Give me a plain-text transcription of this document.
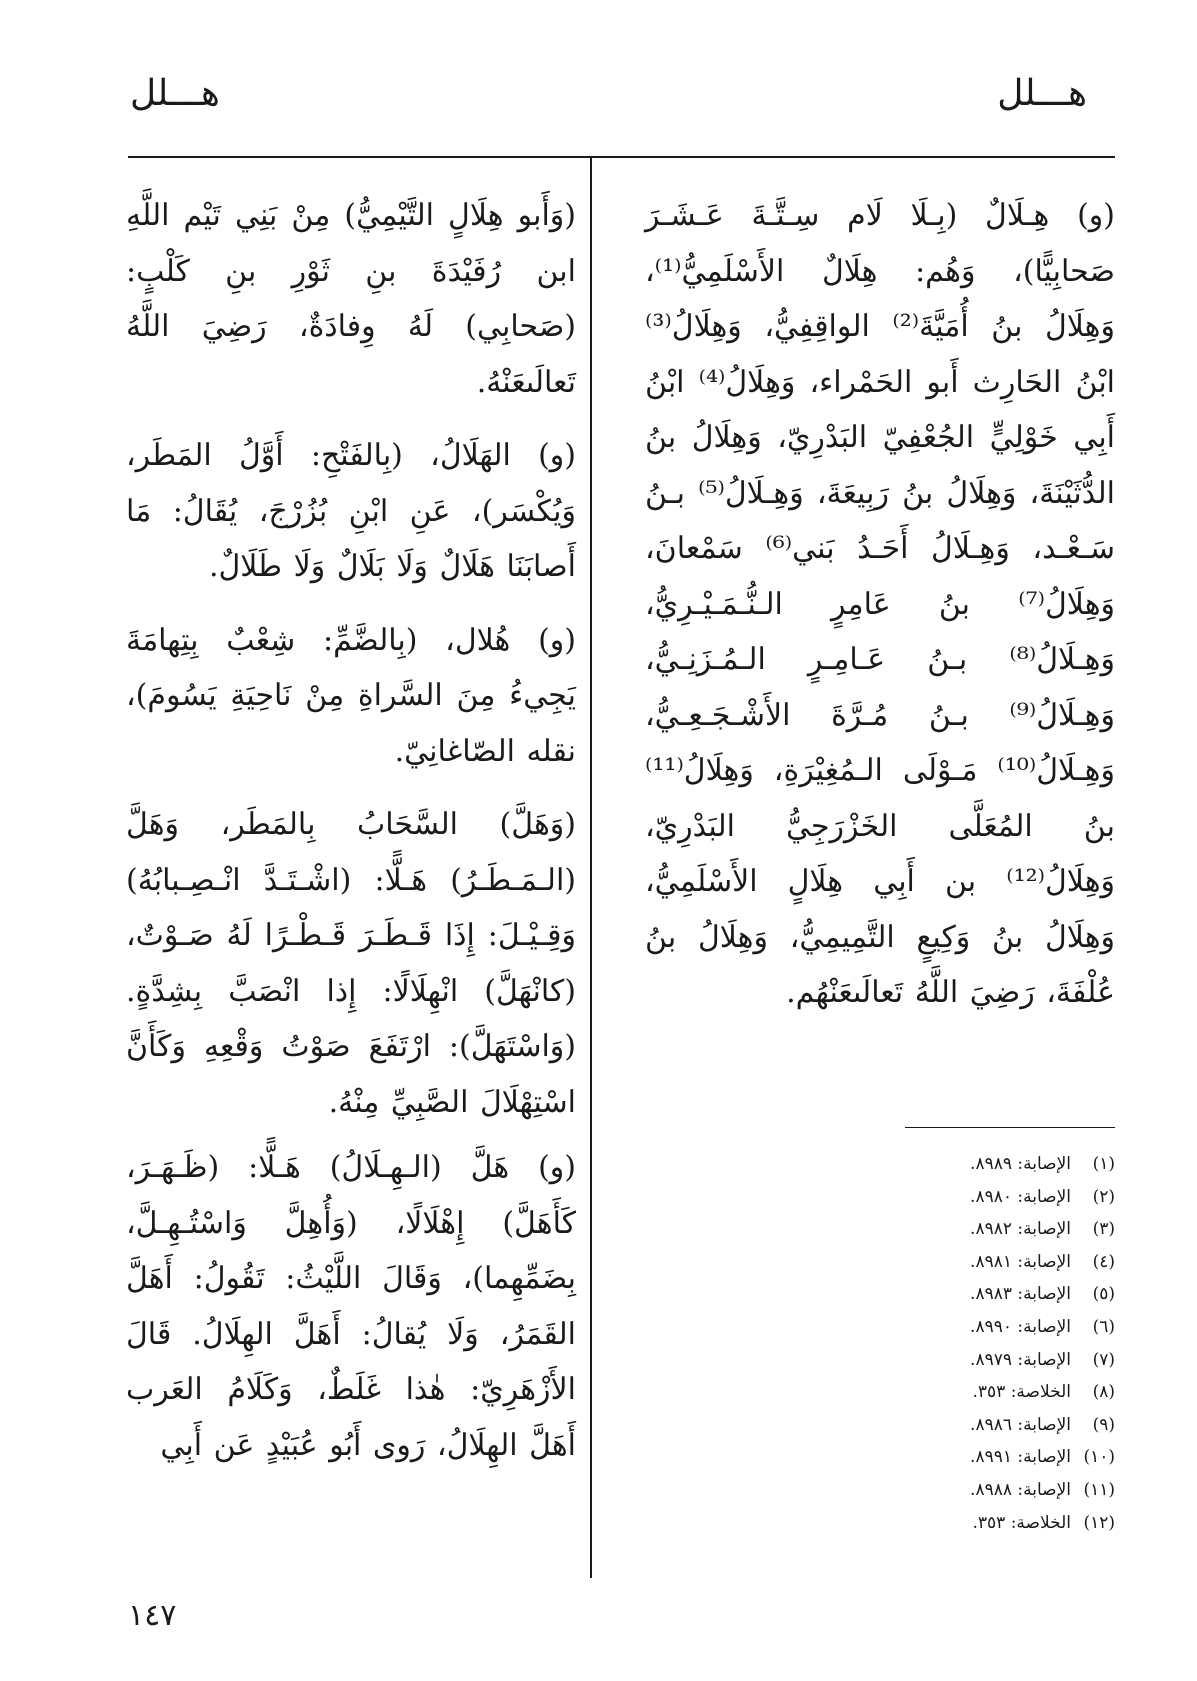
هـــلل
هـــلل

(و) هِـلَالٌ (بِـلَا لَام سِـتَّـةَ عَـشَـرَ صَحابِيًّا)، وَهُم: هِلَالٌ الأَسْلَمِيُّ⁽¹⁾، وَهِلَالُ بنُ أُمَيَّةَ⁽²⁾ الواقِفِيُّ، وَهِلَالُ⁽³⁾ ابْنُ الحَارِث أَبو الحَمْراء، وَهِلَالُ⁽⁴⁾ ابْنُ أَبِي خَوْلِيٍّ الجُعْفِيّ البَدْرِيّ، وَهِلَالُ بنُ الدُّثَيْنَةَ، وَهِلَالُ بنُ رَبِيعَةَ، وَهِـلَالُ⁽⁵⁾ بـنُ سَـعْـد، وَهِـلَالُ أَحَـدُ بَني⁽⁶⁾ سَمْعانَ، وَهِلَالُ⁽⁷⁾ بنُ عَامِرٍ الـنُّـمَـيْـرِيُّ، وَهِـلَالُ⁽⁸⁾ بـنُ عَـامِـرٍ الـمُـزَنِـيُّ، وَهِـلَالُ⁽⁹⁾ بـنُ مُـرَّةَ الأَشْـجَـعِـيُّ، وَهِـلَالُ⁽¹⁰⁾ مَـوْلَى الـمُغِيْرَةِ، وَهِلَالُ⁽¹¹⁾ بنُ المُعَلَّى الخَزْرَجِيُّ البَدْرِيّ، وَهِلَالُ⁽¹²⁾ بن أَبِي هِلَالٍ الأَسْلَمِيُّ، وَهِلَالُ بنُ وَكِيعٍ التَّمِيمِيُّ، وَهِلَالُ بنُ عُلْفَةَ، رَضِيَ اللَّهُ تَعالَىعَنْهُم.

(وَأَبو هِلَالٍ التَّيْمِيُّ) مِنْ بَنِي تَيْم اللَّهِ ابن رُفَيْدَةَ بنِ ثَوْرِ بنِ كَلْبٍ: (صَحابِي) لَهُ وِفادَةٌ، رَضِيَ اللَّهُ تَعالَىعَنْهُ.

(و) الهَلَالُ، (بِالفَتْحِ: أَوَّلُ المَطَر، وَيُكْسَر)، عَنِ ابْنِ بُزُرْجَ، يُقَالُ: مَا أَصابَنَا هَلَالٌ وَلَا بَلَالٌ وَلَا طَلَالٌ.

(و) هُلال، (بِالضَّمِّ: شِعْبٌ بِتِهامَةَ يَجِيءُ مِنَ السَّراةِ مِنْ نَاحِيَةِ يَسُومَ)، نقله الصّاغانِيّ.

(وَهَلَّ) السَّحَابُ بِالمَطَر، وَهَلَّ (الـمَـطَـرُ) هَـلًّا: (اشْـتَـدَّ انْـصِـبابُهُ) وَقِـيْـلَ: إِذَا قَـطَـرَ قَـطْـرًا لَهُ صَـوْتٌ، (كانْهَلَّ) انْهِلَالًا: إِذا انْصَبَّ بِشِدَّةٍ. (وَاسْتَهَلَّ): ارْتَفَعَ صَوْتُ وَقْعِهِ وَكَأَنَّ اسْتِهْلَالَ الصَّبِيِّ مِنْهُ.

(و) هَلَّ (الـهِـلَالُ) هَـلًّا: (ظَـهَـرَ، كَأَهَلَّ) إِهْلَالًا، (وَأُهِلَّ وَاسْتُـهِـلَّ، بِضَمِّهِما)، وَقَالَ اللَّيْثُ: تَقُولُ: أَهَلَّ القَمَرُ، وَلَا يُقالُ: أَهَلَّ الهِلَالُ. قَالَ الأَزْهَرِيّ: هٰذا غَلَطٌ، وَكَلَامُ العَرب أَهَلَّ الهِلَالُ، رَوى أَبُو عُبَيْدٍ عَن أَبِي

(١)الإصابة: ٨٩٨٩.
(٢)الإصابة: ٨٩٨٠.
(٣)الإصابة: ٨٩٨٢.
(٤)الإصابة: ٨٩٨١.
(٥)الإصابة: ٨٩٨٣.
(٦)الإصابة: ٨٩٩٠.
(٧)الإصابة: ٨٩٧٩.
(٨)الخلاصة: ٣٥٣.
(٩)الإصابة: ٨٩٨٦.
(١٠)الإصابة: ٨٩٩١.
(١١)الإصابة: ٨٩٨٨.
(١٢)الخلاصة: ٣٥٣.
١٤٧
